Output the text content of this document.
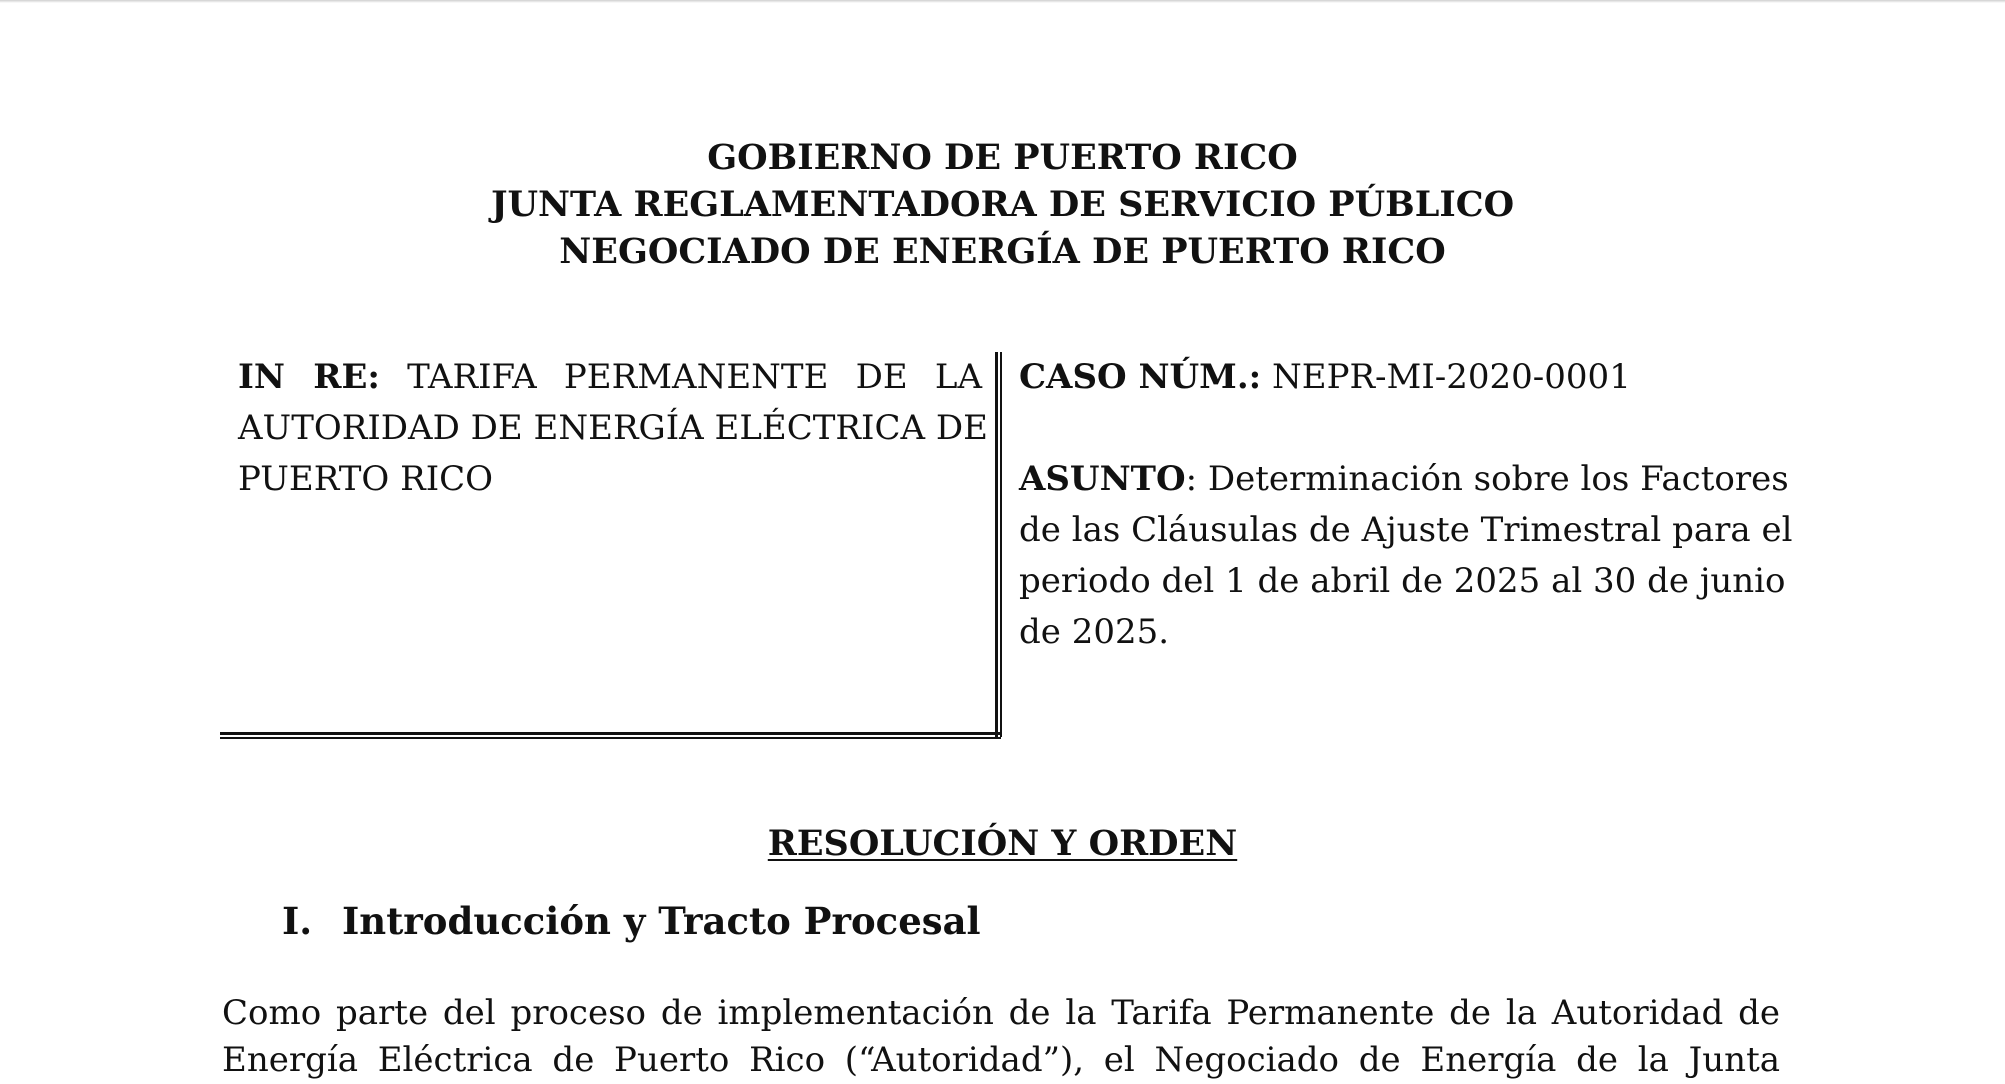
GOBIERNO DE PUERTO RICO
JUNTA REGLAMENTADORA DE SERVICIO PÚBLICO
NEGOCIADO DE ENERGÍA DE PUERTO RICO
IN RE: TARIFA PERMANENTE DE LA
AUTORIDAD DE ENERGÍA ELÉCTRICA DE
PUERTO RICO
CASO NÚM.: NEPR-MI-2020-0001
ASUNTO: Determinación sobre los Factores
de las Cláusulas de Ajuste Trimestral para el
periodo del 1 de abril de 2025 al 30 de junio
de 2025.
RESOLUCIÓN Y ORDEN
I. Introducción y Tracto Procesal
Como parte del proceso de implementación de la Tarifa Permanente de la Autoridad de
Energía Eléctrica de Puerto Rico (“Autoridad”), el Negociado de Energía de la Junta
